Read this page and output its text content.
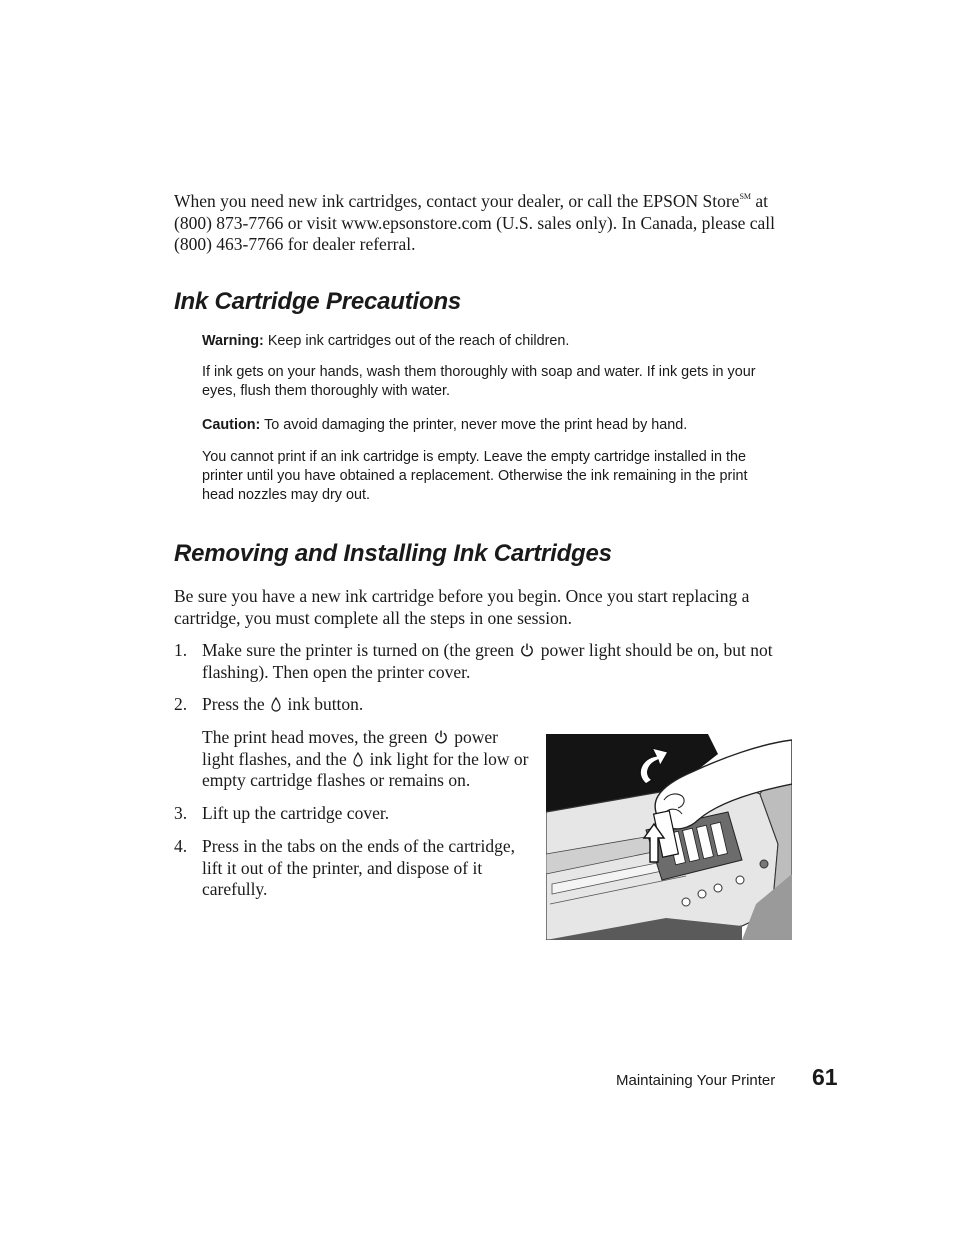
When you need new ink cartridges, contact your dealer, or call the EPSON Store℠ at (800) 873-7766 or visit www.epsonstore.com (U.S. sales only). In Canada, please call (800) 463-7766 for dealer referral.
Ink Cartridge Precautions
Warning: Keep ink cartridges out of the reach of children.
If ink gets on your hands, wash them thoroughly with soap and water. If ink gets in your eyes, flush them thoroughly with water.
Caution: To avoid damaging the printer, never move the print head by hand.
You cannot print if an ink cartridge is empty. Leave the empty cartridge installed in the printer until you have obtained a replacement. Otherwise the ink remaining in the print head nozzles may dry out.
Removing and Installing Ink Cartridges
Be sure you have a new ink cartridge before you begin. Once you start replacing a cartridge, you must complete all the steps in one session.
1. Make sure the printer is turned on (the green  power light should be on, but not flashing). Then open the printer cover.
2. Press the  ink button.
The print head moves, the green  power light flashes, and the  ink light for the low or empty cartridge flashes or remains on.
3. Lift up the cartridge cover.
4. Press in the tabs on the ends of the cartridge, lift it out of the printer, and dispose of it carefully.
Maintaining Your Printer 61
